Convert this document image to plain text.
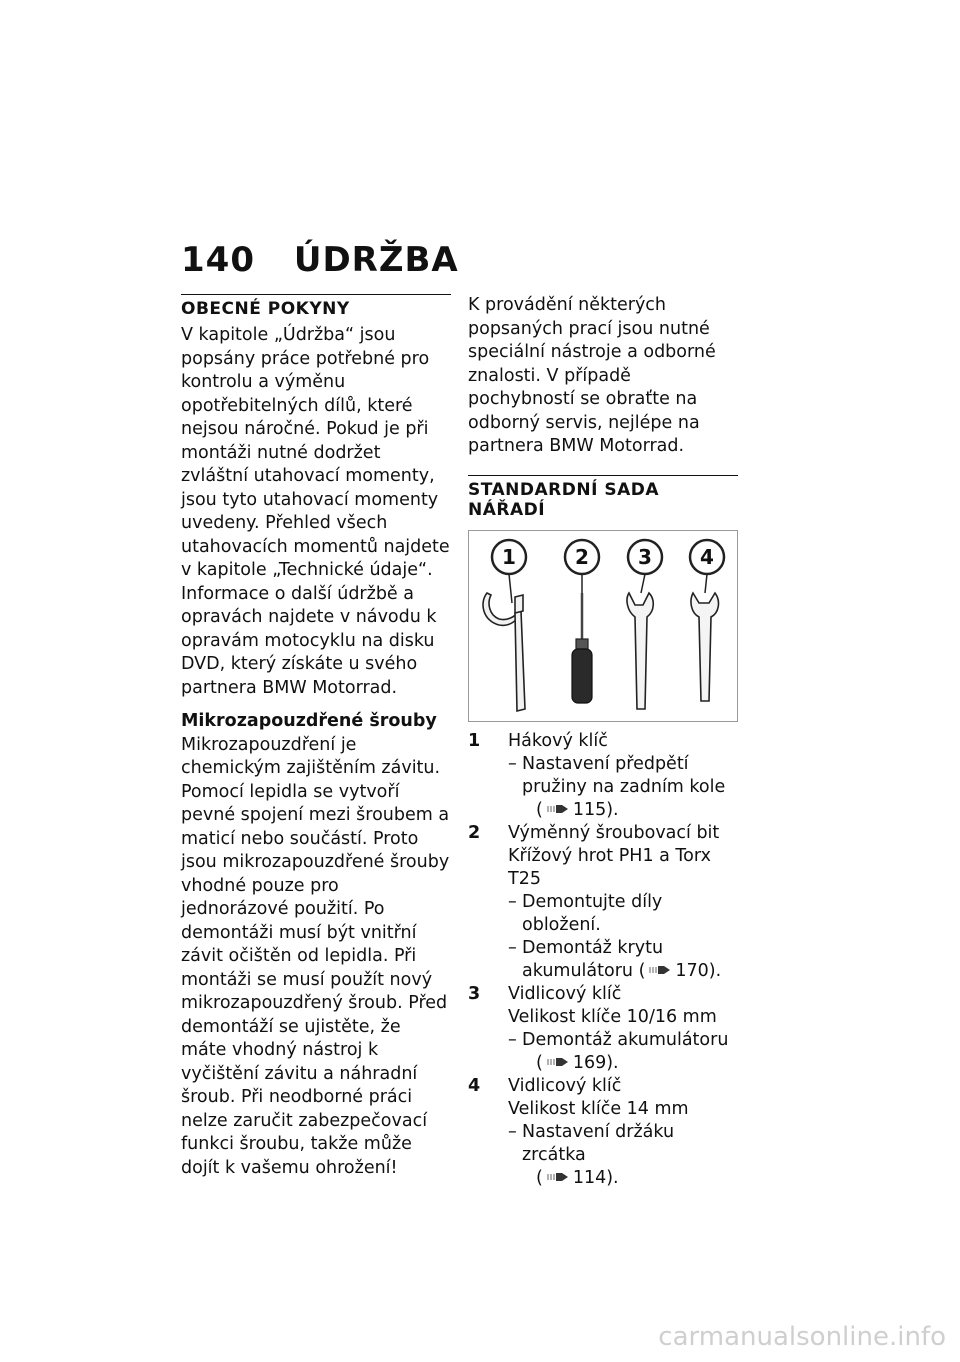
140 ÚDRŽBA
OBECNÉ POKYNY

V kapitole „Údržba“ jsou popsány práce potřebné pro kontrolu a výměnu opotřebitelných dílů, které nejsou náročné. Pokud je při montáži nutné dodržet zvláštní utahovací momenty, jsou tyto utahovací momenty uvedeny. Přehled všech utahovacích momentů najdete v kapitole „Technické údaje“. Informace o další údržbě a opravách najdete v návodu k opravám motocyklu na disku DVD, který získáte u svého partnera BMW Motorrad.

Mikrozapouzdřené šrouby

Mikrozapouzdření je chemickým zajištěním závitu. Pomocí lepidla se vytvoří pevné spojení mezi šroubem a maticí nebo součástí. Proto jsou mikrozapouzdřené šrouby vhodné pouze pro jednorázové použití. Po demontáži musí být vnitřní závit očištěn od lepidla. Při montáži se musí použít nový mikrozapouzdřený šroub. Před demontáží se ujistěte, že máte vhodný nástroj k vyčištění závitu a náhradní šroub. Při neodborné práci nelze zaručit zabezpečovací funkci šroubu, takže může dojít k vašemu ohrožení!

K provádění některých popsaných prací jsou nutné speciální nástroje a odborné znalosti. V případě pochybností se obraťte na odborný servis, nejlépe na partnera BMW Motorrad.

STANDARDNÍ SADA NÁŘADÍ
1	2 3 4
1	Hákový klíč
– Nastavení předpětí pružiny na zadním kole

( 115).
2	Výměnný šroubovací bit
Křížový hrot PH1 a Torx T25
– Demontujte díly obložení.
– Demontáž krytu akumulátoru ( 170).
3	Vidlicový klíč
Velikost klíče 10/16 mm
– Demontáž akumulátoru

( 169).
4	Vidlicový klíč
Velikost klíče 14 mm
– Nastavení držáku zrcátka

( 114).
carmanualsonline.info
